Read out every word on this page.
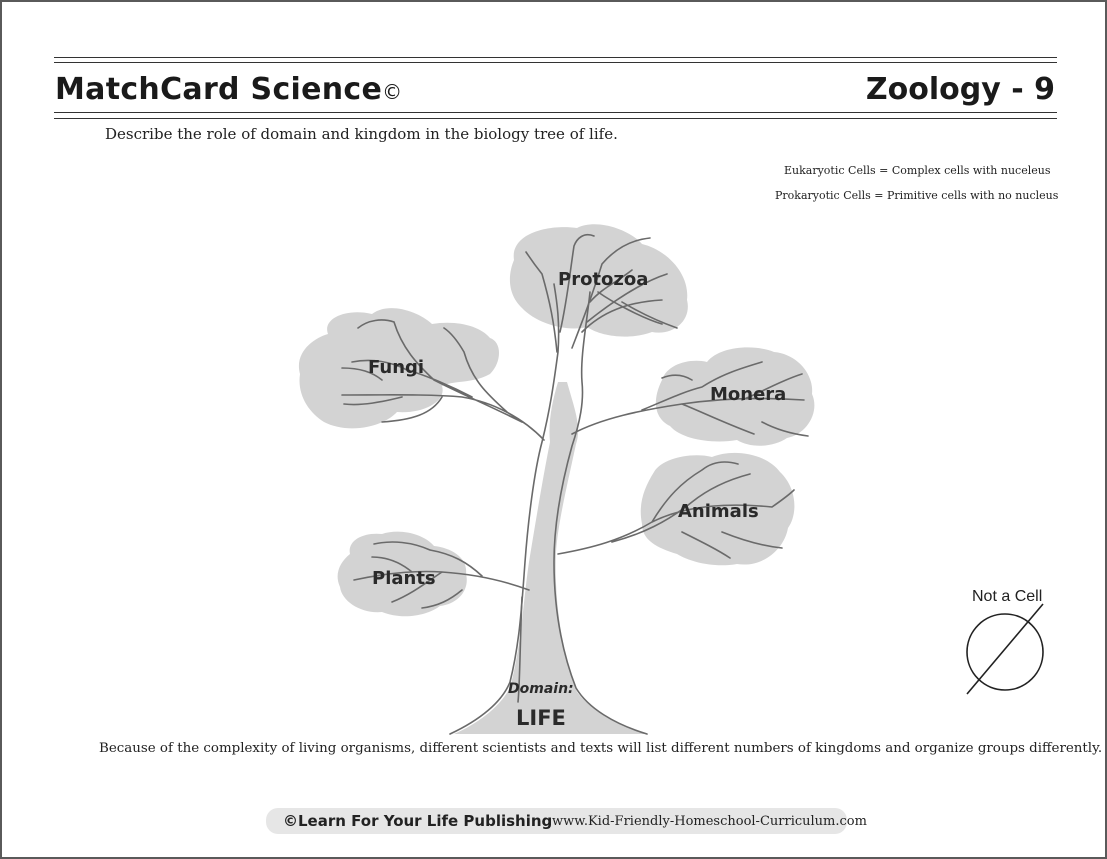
MatchCard Science©	Zoology - 9
Describe the role of domain and kingdom in the biology tree of life.
Eukaryotic Cells = Complex cells with nuceleus
Prokaryotic Cells = Primitive cells with no nucleus
Protozoa
Fungi
Monera
Animals
Plants
Domain:
LIFE
Not a Cell
Because of the complexity of living organisms, different scientists and texts will list different numbers of kingdoms and organize groups differently.
©Learn For Your Life Publishing www.Kid-Friendly-Homeschool-Curriculum.com
